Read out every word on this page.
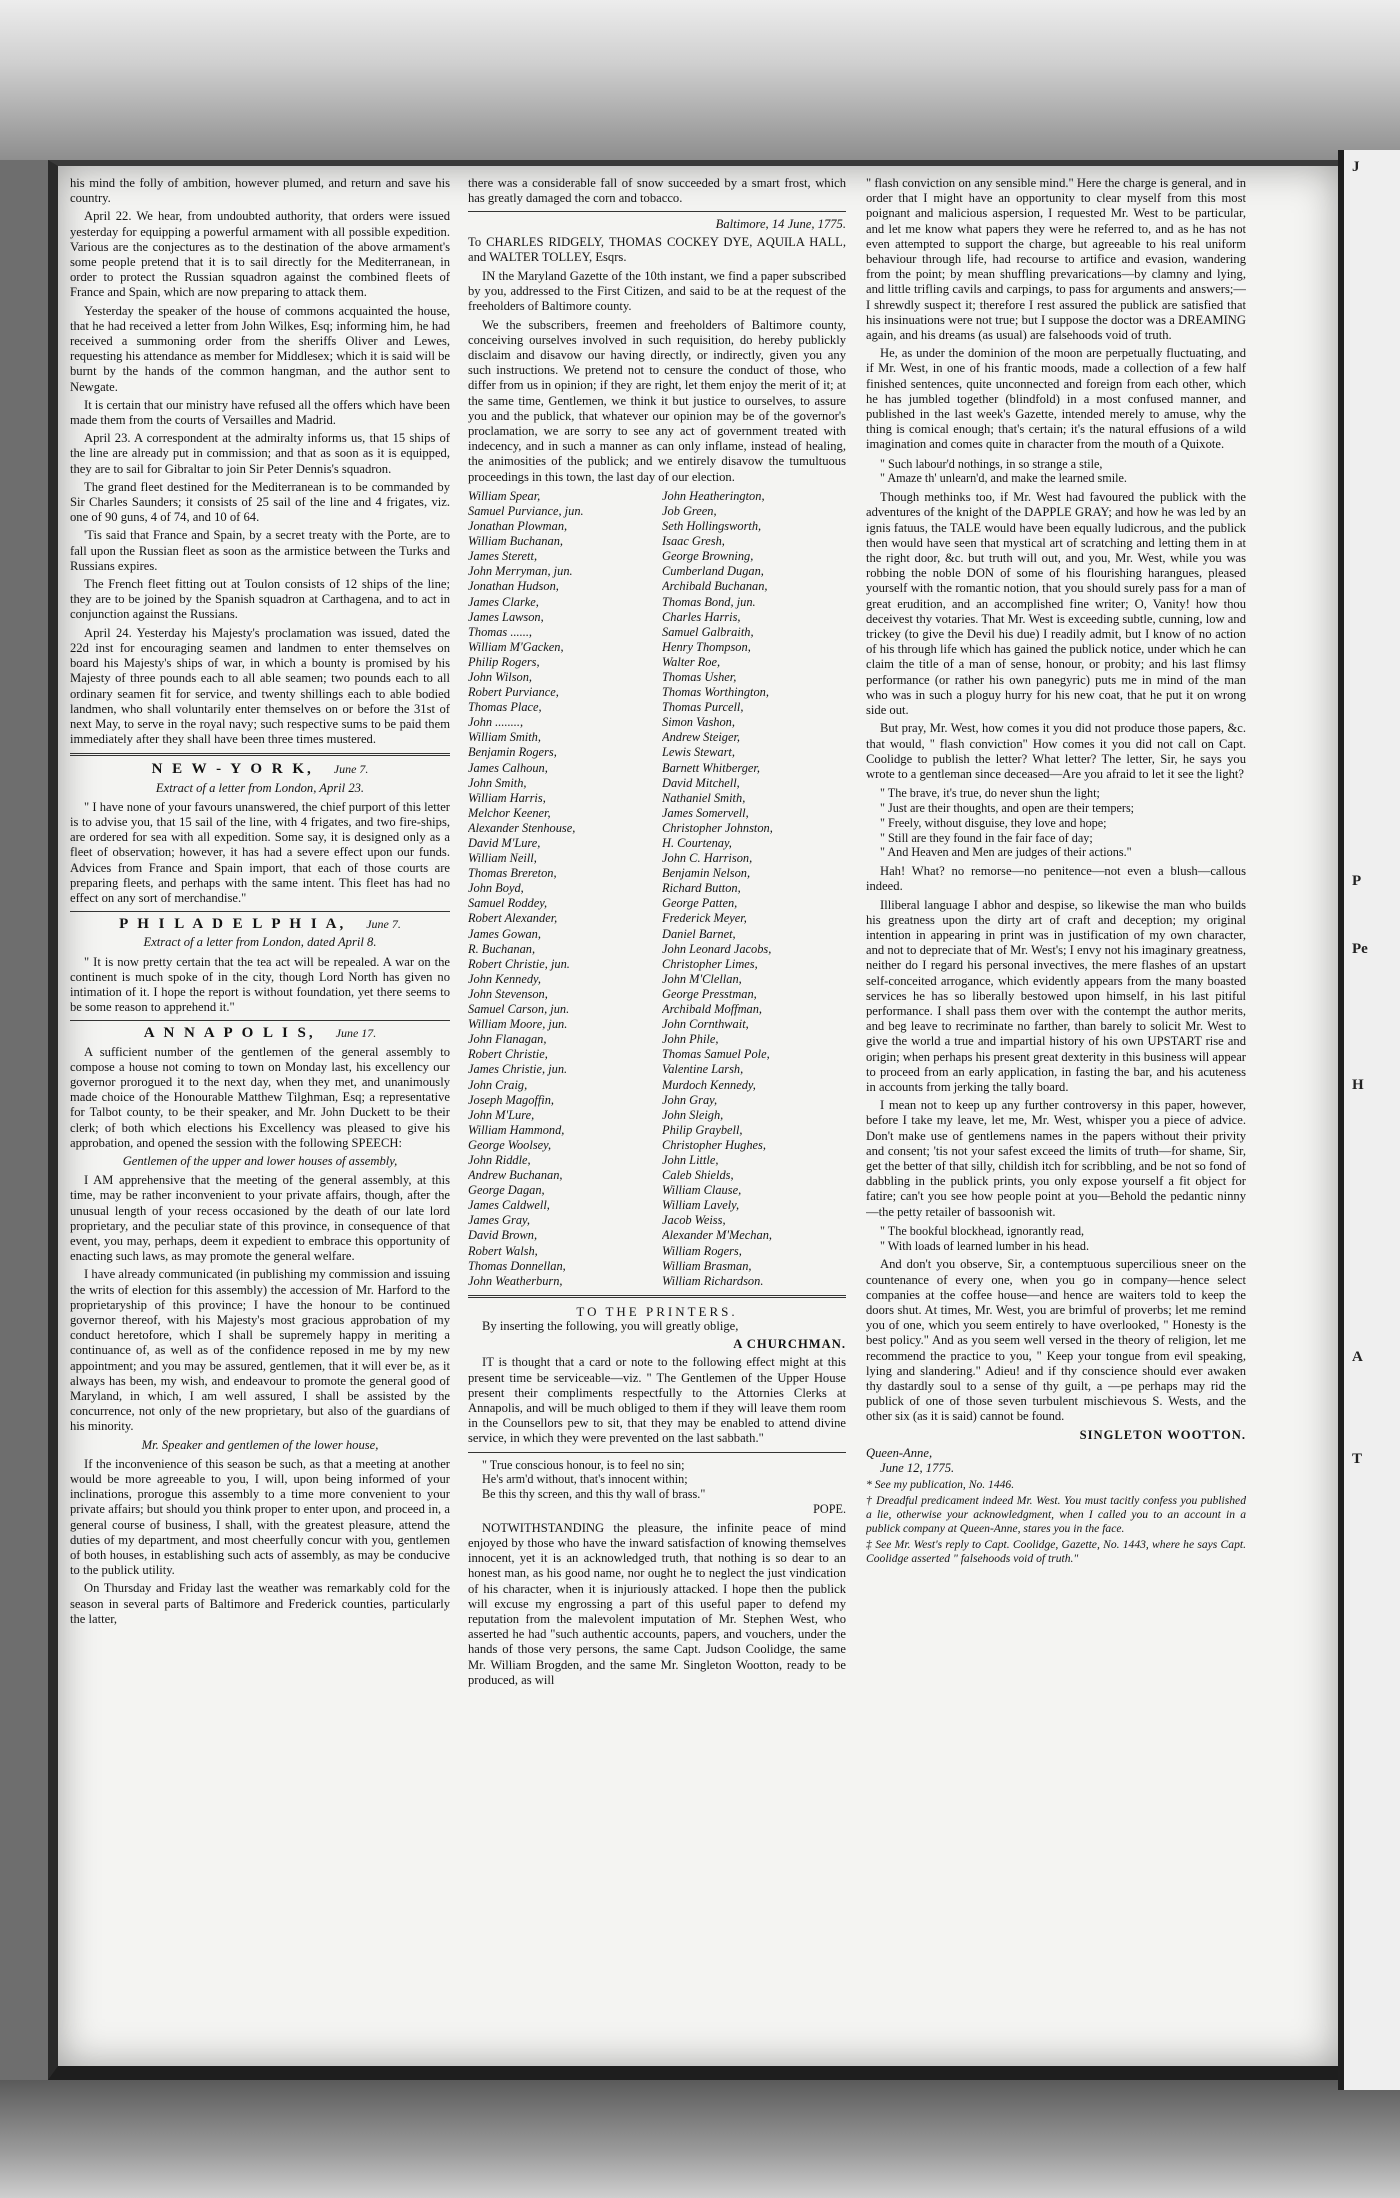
J

P

Pe

H

A

T

his mind the folly of ambition, however plumed, and return and save his country.

April 22. We hear, from undoubted authority, that orders were issued yesterday for equipping a powerful armament with all possible expedition. Various are the conjectures as to the destination of the above armament's some people pretend that it is to sail directly for the Mediterranean, in order to protect the Russian squadron against the combined fleets of France and Spain, which are now preparing to attack them.

Yesterday the speaker of the house of commons acquainted the house, that he had received a letter from John Wilkes, Esq; informing him, he had received a summoning order from the sheriffs Oliver and Lewes, requesting his attendance as member for Middlesex; which it is said will be burnt by the hands of the common hangman, and the author sent to Newgate.

It is certain that our ministry have refused all the offers which have been made them from the courts of Versailles and Madrid.

April 23. A correspondent at the admiralty informs us, that 15 ships of the line are already put in commission; and that as soon as it is equipped, they are to sail for Gibraltar to join Sir Peter Dennis's squadron.

The grand fleet destined for the Mediterranean is to be commanded by Sir Charles Saunders; it consists of 25 sail of the line and 4 frigates, viz. one of 90 guns, 4 of 74, and 10 of 64.

'Tis said that France and Spain, by a secret treaty with the Porte, are to fall upon the Russian fleet as soon as the armistice between the Turks and Russians expires.

The French fleet fitting out at Toulon consists of 12 ships of the line; they are to be joined by the Spanish squadron at Carthagena, and to act in conjunction against the Russians.

April 24. Yesterday his Majesty's proclamation was issued, dated the 22d inst for encouraging seamen and landmen to enter themselves on board his Majesty's ships of war, in which a bounty is promised by his Majesty of three pounds each to all able seamen; two pounds each to all ordinary seamen fit for service, and twenty shillings each to able bodied landmen, who shall voluntarily enter themselves on or before the 31st of next May, to serve in the royal navy; such respective sums to be paid them immediately after they shall have been three times mustered.

N E W - Y O R K, June 7.
Extract of a letter from London, April 23.

" I have none of your favours unanswered, the chief purport of this letter is to advise you, that 15 sail of the line, with 4 frigates, and two fire-ships, are ordered for sea with all expedition. Some say, it is designed only as a fleet of observation; however, it has had a severe effect upon our funds. Advices from France and Spain import, that each of those courts are preparing fleets, and perhaps with the same intent. This fleet has had no effect on any sort of merchandise."

P H I L A D E L P H I A, June 7.
Extract of a letter from London, dated April 8.

" It is now pretty certain that the tea act will be repealed. A war on the continent is much spoke of in the city, though Lord North has given no intimation of it. I hope the report is without foundation, yet there seems to be some reason to apprehend it."

A N N A P O L I S, June 17.

A sufficient number of the gentlemen of the general assembly to compose a house not coming to town on Monday last, his excellency our governor prorogued it to the next day, when they met, and unanimously made choice of the Honourable Matthew Tilghman, Esq; a representative for Talbot county, to be their speaker, and Mr. John Duckett to be their clerk; of both which elections his Excellency was pleased to give his approbation, and opened the session with the following SPEECH:

Gentlemen of the upper and lower houses of assembly,

I AM apprehensive that the meeting of the general assembly, at this time, may be rather inconvenient to your private affairs, though, after the unusual length of your recess occasioned by the death of our late lord proprietary, and the peculiar state of this province, in consequence of that event, you may, perhaps, deem it expedient to embrace this opportunity of enacting such laws, as may promote the general welfare.

I have already communicated (in publishing my commission and issuing the writs of election for this assembly) the accession of Mr. Harford to the proprietaryship of this province; I have the honour to be continued governor thereof, with his Majesty's most gracious approbation of my conduct heretofore, which I shall be supremely happy in meriting a continuance of, as well as of the confidence reposed in me by my new appointment; and you may be assured, gentlemen, that it will ever be, as it always has been, my wish, and endeavour to promote the general good of Maryland, in which, I am well assured, I shall be assisted by the concurrence, not only of the new proprietary, but also of the guardians of his minority.

Mr. Speaker and gentlemen of the lower house,

If the inconvenience of this season be such, as that a meeting at another would be more agreeable to you, I will, upon being informed of your inclinations, prorogue this assembly to a time more convenient to your private affairs; but should you think proper to enter upon, and proceed in, a general course of business, I shall, with the greatest pleasure, attend the duties of my department, and most cheerfully concur with you, gentlemen of both houses, in establishing such acts of assembly, as may be conducive to the publick utility.

On Thursday and Friday last the weather was remarkably cold for the season in several parts of Baltimore and Frederick counties, particularly the latter,

there was a considerable fall of snow succeeded by a smart frost, which has greatly damaged the corn and tobacco.

Baltimore, 14 June, 1775.

To CHARLES RIDGELY, THOMAS COCKEY DYE, AQUILA HALL, and WALTER TOLLEY, Esqrs.

IN the Maryland Gazette of the 10th instant, we find a paper subscribed by you, addressed to the First Citizen, and said to be at the request of the freeholders of Baltimore county.

We the subscribers, freemen and freeholders of Baltimore county, conceiving ourselves involved in such requisition, do hereby publickly disclaim and disavow our having directly, or indirectly, given you any such instructions. We pretend not to censure the conduct of those, who differ from us in opinion; if they are right, let them enjoy the merit of it; at the same time, Gentlemen, we think it but justice to ourselves, to assure you and the publick, that whatever our opinion may be of the governor's proclamation, we are sorry to see any act of government treated with indecency, and in such a manner as can only inflame, instead of healing, the animosities of the publick; and we entirely disavow the tumultuous proceedings in this town, the last day of our election.

William Spear,
Samuel Purviance, jun.
Jonathan Plowman,
William Buchanan,
James Sterett,
John Merryman, jun.
Jonathan Hudson,
James Clarke,
James Lawson,
Thomas ......,
William M'Gacken,
Philip Rogers,
John Wilson,
Robert Purviance,
Thomas Place,
John ........,
William Smith,
Benjamin Rogers,
James Calhoun,
John Smith,
William Harris,
Melchor Keener,
Alexander Stenhouse,
David M'Lure,
William Neill,
Thomas Brereton,
John Boyd,
Samuel Roddey,
Robert Alexander,
James Gowan,
R. Buchanan,
Robert Christie, jun.
John Kennedy,
John Stevenson,
Samuel Carson, jun.
William Moore, jun.
John Flanagan,
Robert Christie,
James Christie, jun.
John Craig,
Joseph Magoffin,
John M'Lure,
William Hammond,
George Woolsey,
John Riddle,
Andrew Buchanan,
George Dagan,
James Caldwell,
James Gray,
David Brown,
Robert Walsh,
Thomas Donnellan,
John Weatherburn,
John Heatherington,
Job Green,
Seth Hollingsworth,
Isaac Gresh,
George Browning,
Cumberland Dugan,
Archibald Buchanan,
Thomas Bond, jun.
Charles Harris,
Samuel Galbraith,
Henry Thompson,
Walter Roe,
Thomas Usher,
Thomas Worthington,
Thomas Purcell,
Simon Vashon,
Andrew Steiger,
Lewis Stewart,
Barnett Whitberger,
David Mitchell,
Nathaniel Smith,
James Somervell,
Christopher Johnston,
H. Courtenay,
John C. Harrison,
Benjamin Nelson,
Richard Button,
George Patten,
Frederick Meyer,
Daniel Barnet,
John Leonard Jacobs,
Christopher Limes,
John M'Clellan,
George Presstman,
Archibald Moffman,
John Cornthwait,
John Phile,
Thomas Samuel Pole,
Valentine Larsh,
Murdoch Kennedy,
John Gray,
John Sleigh,
Philip Graybell,
Christopher Hughes,
John Little,
Caleb Shields,
William Clause,
William Lavely,
Jacob Weiss,
Alexander M'Mechan,
William Rogers,
William Brasman,
William Richardson.
TO THE PRINTERS.

By inserting the following, you will greatly oblige,

A CHURCHMAN.

IT is thought that a card or note to the following effect might at this present time be serviceable—viz. " The Gentlemen of the Upper House present their compliments respectfully to the Attornies Clerks at Annapolis, and will be much obliged to them if they will leave them room in the Counsellors pew to sit, that they may be enabled to attend divine service, in which they were prevented on the last sabbath."

" True conscious honour, is to feel no sin;
He's arm'd without, that's innocent within;
Be this thy screen, and this thy wall of brass."
POPE.

NOTWITHSTANDING the pleasure, the infinite peace of mind enjoyed by those who have the inward satisfaction of knowing themselves innocent, yet it is an acknowledged truth, that nothing is so dear to an honest man, as his good name, nor ought he to neglect the just vindication of his character, when it is injuriously attacked. I hope then the publick will excuse my engrossing a part of this useful paper to defend my reputation from the malevolent imputation of Mr. Stephen West, who asserted he had "such authentic accounts, papers, and vouchers, under the hands of those very persons, the same Capt. Judson Coolidge, the same Mr. William Brogden, and the same Mr. Singleton Wootton, ready to be produced, as will

" flash conviction on any sensible mind." Here the charge is general, and in order that I might have an opportunity to clear myself from this most poignant and malicious aspersion, I requested Mr. West to be particular, and let me know what papers they were he referred to, and as he has not even attempted to support the charge, but agreeable to his real uniform behaviour through life, had recourse to artifice and evasion, wandering from the point; by mean shuffling prevarications—by clamny and lying, and little trifling cavils and carpings, to pass for arguments and answers;—I shrewdly suspect it; therefore I rest assured the publick are satisfied that his insinuations were not true; but I suppose the doctor was a DREAMING again, and his dreams (as usual) are falsehoods void of truth.

He, as under the dominion of the moon are perpetually fluctuating, and if Mr. West, in one of his frantic moods, made a collection of a few half finished sentences, quite unconnected and foreign from each other, which he has jumbled together (blindfold) in a most confused manner, and published in the last week's Gazette, intended merely to amuse, why the thing is comical enough; that's certain; it's the natural effusions of a wild imagination and comes quite in character from the mouth of a Quixote.

" Such labour'd nothings, in so strange a stile,
" Amaze th' unlearn'd, and make the learned smile.

Though methinks too, if Mr. West had favoured the publick with the adventures of the knight of the DAPPLE GRAY; and how he was led by an ignis fatuus, the TALE would have been equally ludicrous, and the publick then would have seen that mystical art of scratching and letting them in at the right door, &c. but truth will out, and you, Mr. West, while you was robbing the noble DON of some of his flourishing harangues, pleased yourself with the romantic notion, that you should surely pass for a man of great erudition, and an accomplished fine writer; O, Vanity! how thou deceivest thy votaries. That Mr. West is exceeding subtle, cunning, low and trickey (to give the Devil his due) I readily admit, but I know of no action of his through life which has gained the publick notice, under which he can claim the title of a man of sense, honour, or probity; and his last flimsy performance (or rather his own panegyric) puts me in mind of the man who was in such a ploguy hurry for his new coat, that he put it on wrong side out.

But pray, Mr. West, how comes it you did not produce those papers, &c. that would, " flash conviction" How comes it you did not call on Capt. Coolidge to publish the letter? What letter? The letter, Sir, he says you wrote to a gentleman since deceased—Are you afraid to let it see the light?

" The brave, it's true, do never shun the light;
" Just are their thoughts, and open are their tempers;
" Freely, without disguise, they love and hope;
" Still are they found in the fair face of day;
" And Heaven and Men are judges of their actions."

Hah! What? no remorse—no penitence—not even a blush—callous indeed.

Illiberal language I abhor and despise, so likewise the man who builds his greatness upon the dirty art of craft and deception; my original intention in appearing in print was in justification of my own character, and not to depreciate that of Mr. West's; I envy not his imaginary greatness, neither do I regard his personal invectives, the mere flashes of an upstart self-conceited arrogance, which evidently appears from the many boasted services he has so liberally bestowed upon himself, in his last pitiful performance. I shall pass them over with the contempt the author merits, and beg leave to recriminate no farther, than barely to solicit Mr. West to give the world a true and impartial history of his own UPSTART rise and origin; when perhaps his present great dexterity in this business will appear to proceed from an early application, in fasting the bar, and his acuteness in accounts from jerking the tally board.

I mean not to keep up any further controversy in this paper, however, before I take my leave, let me, Mr. West, whisper you a piece of advice. Don't make use of gentlemens names in the papers without their privity and consent; 'tis not your safest exceed the limits of truth—for shame, Sir, get the better of that silly, childish itch for scribbling, and be not so fond of dabbling in the publick prints, you only expose yourself a fit object for fatire; can't you see how people point at you—Behold the pedantic ninny—the petty retailer of bassoonish wit.

" The bookful blockhead, ignorantly read,
" With loads of learned lumber in his head.

And don't you observe, Sir, a contemptuous supercilious sneer on the countenance of every one, when you go in company—hence select companies at the coffee house—and hence are waiters told to keep the doors shut. At times, Mr. West, you are brimful of proverbs; let me remind you of one, which you seem entirely to have overlooked, " Honesty is the best policy." And as you seem well versed in the theory of religion, let me recommend the practice to you, " Keep your tongue from evil speaking, lying and slandering." Adieu! and if thy conscience should ever awaken thy dastardly soul to a sense of thy guilt, a —pe perhaps may rid the publick of one of those seven turbulent mischievous S. Wests, and the other six (as it is said) cannot be found.

SINGLETON WOOTTON.
Queen-Anne,
June 12, 1775.
* See my publication, No. 1446.
† Dreadful predicament indeed Mr. West. You must tacitly confess you published a lie, otherwise your acknowledgment, when I called you to an account in a publick company at Queen-Anne, stares you in the face.
‡ See Mr. West's reply to Capt. Coolidge, Gazette, No. 1443, where he says Capt. Coolidge asserted " falsehoods void of truth."
